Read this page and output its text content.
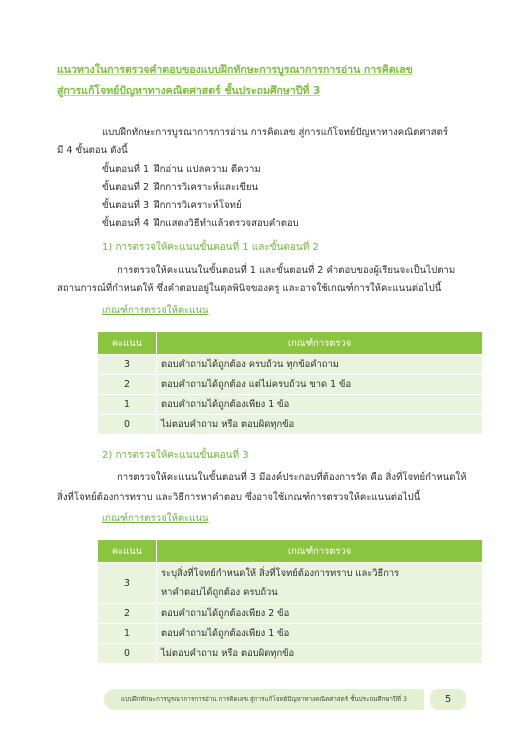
แนวทางในการตรวจคำตอบของแบบฝึกทักษะการบูรณาการการอ่าน การคิดเลข
สู่การแก้โจทย์ปัญหาทางคณิตศาสตร์ ชั้นประถมศึกษาปีที่ 3
แบบฝึกทักษะการบูรณาการการอ่าน การคิดเลข สู่การแก้โจทย์ปัญหาทางคณิตศาสตร์
มี 4 ขั้นตอน ดังนี้
ขั้นตอนที่ 1 ฝึกอ่าน แปลความ ตีความ
ขั้นตอนที่ 2 ฝึกการวิเคราะห์และเขียน
ขั้นตอนที่ 3 ฝึกการวิเคราะห์โจทย์
ขั้นตอนที่ 4 ฝึกแสดงวิธีทำแล้วตรวจสอบคำตอบ
1) การตรวจให้คะแนนขั้นตอนที่ 1 และขั้นตอนที่ 2
การตรวจให้คะแนนในขั้นตอนที่ 1 และขั้นตอนที่ 2 คำตอบของผู้เรียนจะเป็นไปตาม
สถานการณ์ที่กำหนดให้ ซึ่งคำตอบอยู่ในดุลพินิจของครู และอาจใช้เกณฑ์การให้คะแนนต่อไปนี้
เกณฑ์การตรวจให้คะแนน
คะแนน	เกณฑ์การตรวจ
3	ตอบคำถามได้ถูกต้อง ครบถ้วน ทุกข้อคำถาม
2	ตอบคำถามได้ถูกต้อง แต่ไม่ครบถ้วน ขาด 1 ข้อ
1	ตอบคำถามได้ถูกต้องเพียง 1 ข้อ
0	ไม่ตอบคำถาม หรือ ตอบผิดทุกข้อ
2) การตรวจให้คะแนนขั้นตอนที่ 3
การตรวจให้คะแนนในขั้นตอนที่ 3 มีองค์ประกอบที่ต้องการวัด คือ สิ่งที่โจทย์กำหนดให้
สิ่งที่โจทย์ต้องการทราบ และวิธีการหาคำตอบ ซึ่งอาจใช้เกณฑ์การตรวจให้คะแนนต่อไปนี้
เกณฑ์การตรวจให้คะแนน
คะแนน	เกณฑ์การตรวจ
3	ระบุสิ่งที่โจทย์กำหนดให้ สิ่งที่โจทย์ต้องการทราบ และวิธีการ
หาคำตอบได้ถูกต้อง ครบถ้วน

2	ตอบคำถามได้ถูกต้องเพียง 2 ข้อ
1	ตอบคำถามได้ถูกต้องเพียง 1 ข้อ
0	ไม่ตอบคำถาม หรือ ตอบผิดทุกข้อ
แบบฝึกทักษะการบูรณาการการอ่าน การคิดเลข สู่การแก้โจทย์ปัญหาทางคณิตศาสตร์ ชั้นประถมศึกษาปีที่ 3	5
